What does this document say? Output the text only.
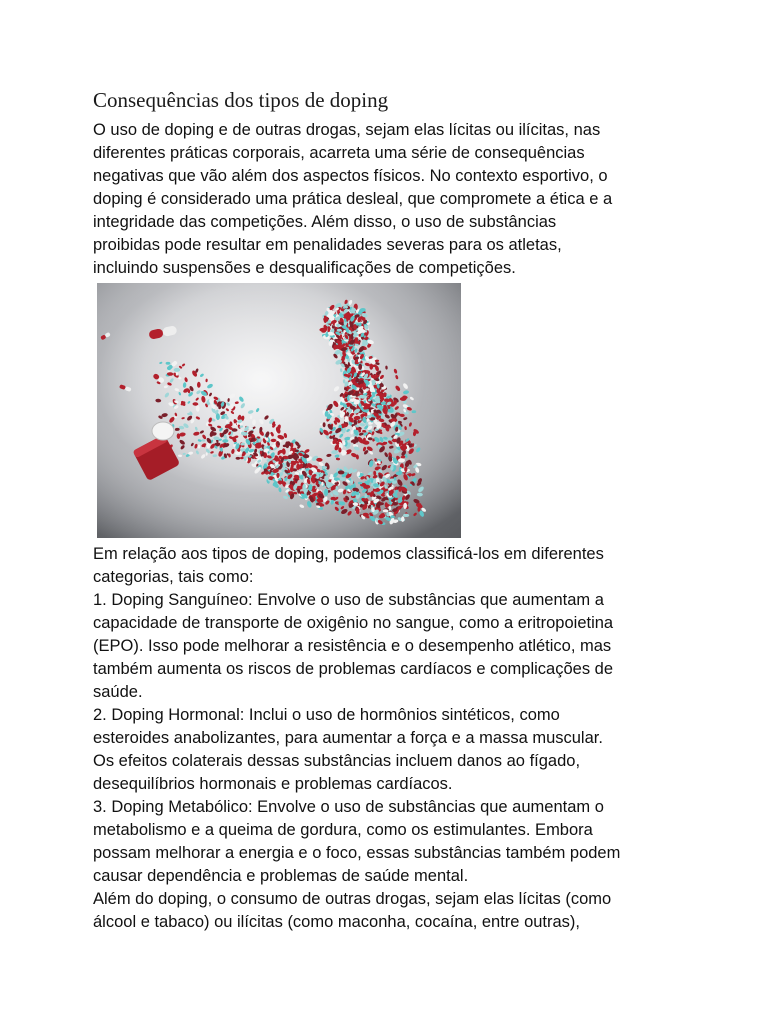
Consequências dos tipos de doping

O uso de doping e de outras drogas, sejam elas lícitas ou ilícitas, nas
diferentes práticas corporais, acarreta uma série de consequências
negativas que vão além dos aspectos físicos. No contexto esportivo, o
doping é considerado uma prática desleal, que compromete a ética e a
integridade das competições. Além disso, o uso de substâncias
proibidas pode resultar em penalidades severas para os atletas,
incluindo suspensões e desqualificações de competições.

Em relação aos tipos de doping, podemos classificá-los em diferentes
categorias, tais como:
1. Doping Sanguíneo: Envolve o uso de substâncias que aumentam a
capacidade de transporte de oxigênio no sangue, como a eritropoietina
(EPO). Isso pode melhorar a resistência e o desempenho atlético, mas
também aumenta os riscos de problemas cardíacos e complicações de
saúde.
2. Doping Hormonal: Inclui o uso de hormônios sintéticos, como
esteroides anabolizantes, para aumentar a força e a massa muscular.
Os efeitos colaterais dessas substâncias incluem danos ao fígado,
desequilíbrios hormonais e problemas cardíacos.
3. Doping Metabólico: Envolve o uso de substâncias que aumentam o
metabolismo e a queima de gordura, como os estimulantes. Embora
possam melhorar a energia e o foco, essas substâncias também podem
causar dependência e problemas de saúde mental.
Além do doping, o consumo de outras drogas, sejam elas lícitas (como
álcool e tabaco) ou ilícitas (como maconha, cocaína, entre outras),
